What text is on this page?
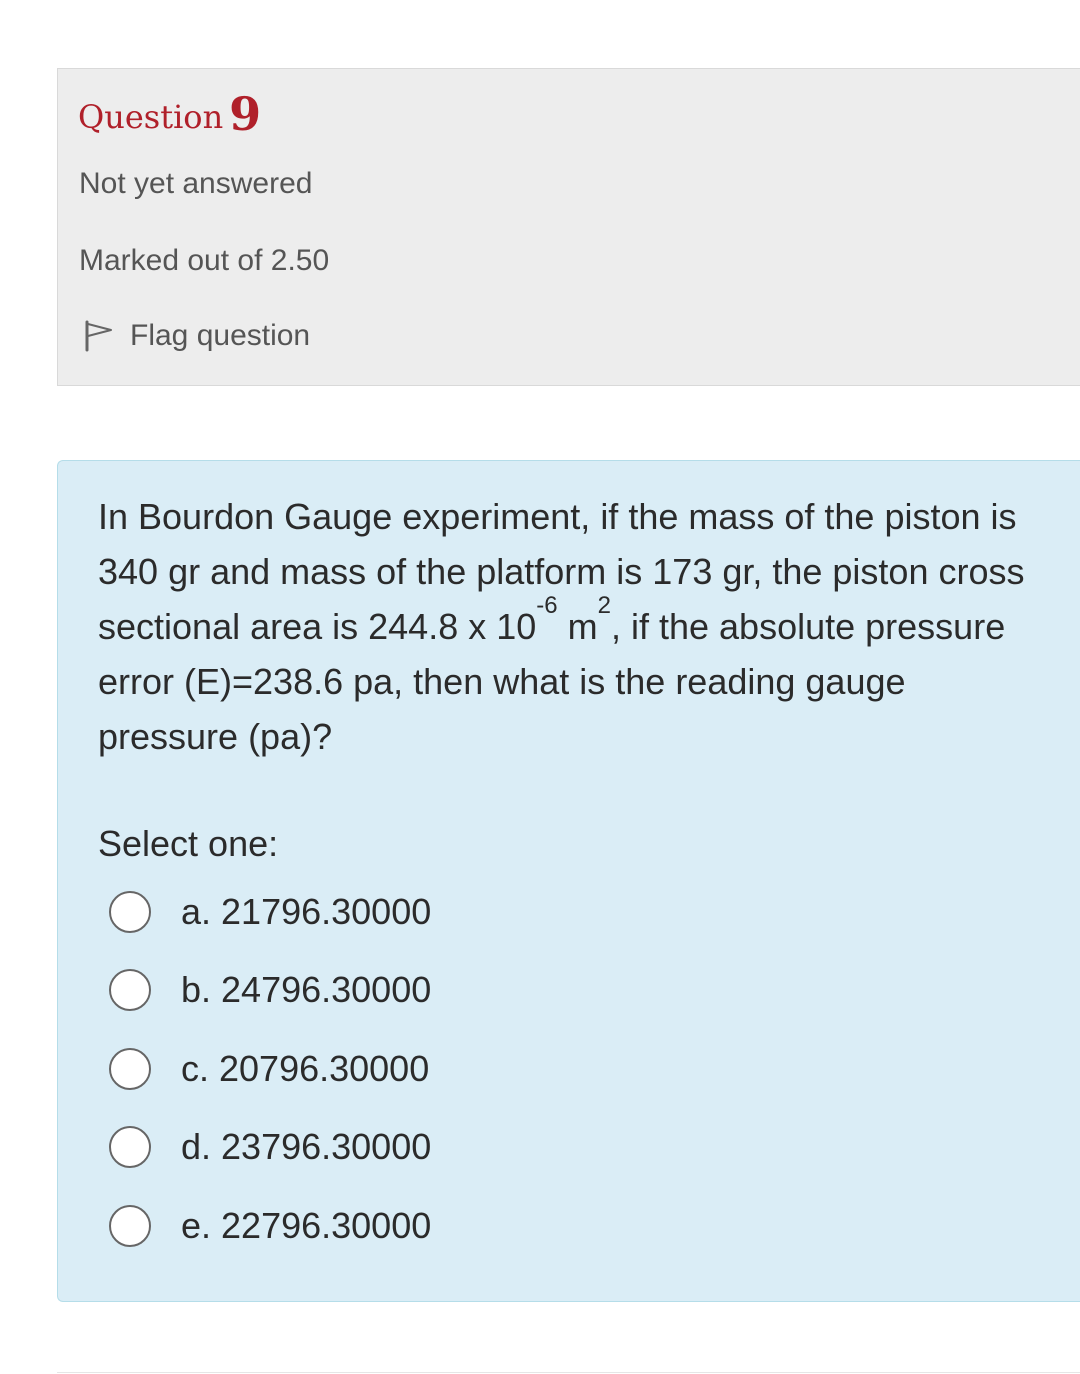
Question 9
Not yet answered
Marked out of 2.50
Flag question
In Bourdon Gauge experiment, if the mass of the piston is 340 gr and mass of the platform is 173 gr, the piston cross sectional area is 244.8 x $10^{-6}$ $m^2$, if the absolute pressure error (E)=238.6 pa, then what is the reading gauge pressure (pa)?
Select one:
a. 21796.30000
b. 24796.30000
c. 20796.30000
d. 23796.30000
e. 22796.30000
